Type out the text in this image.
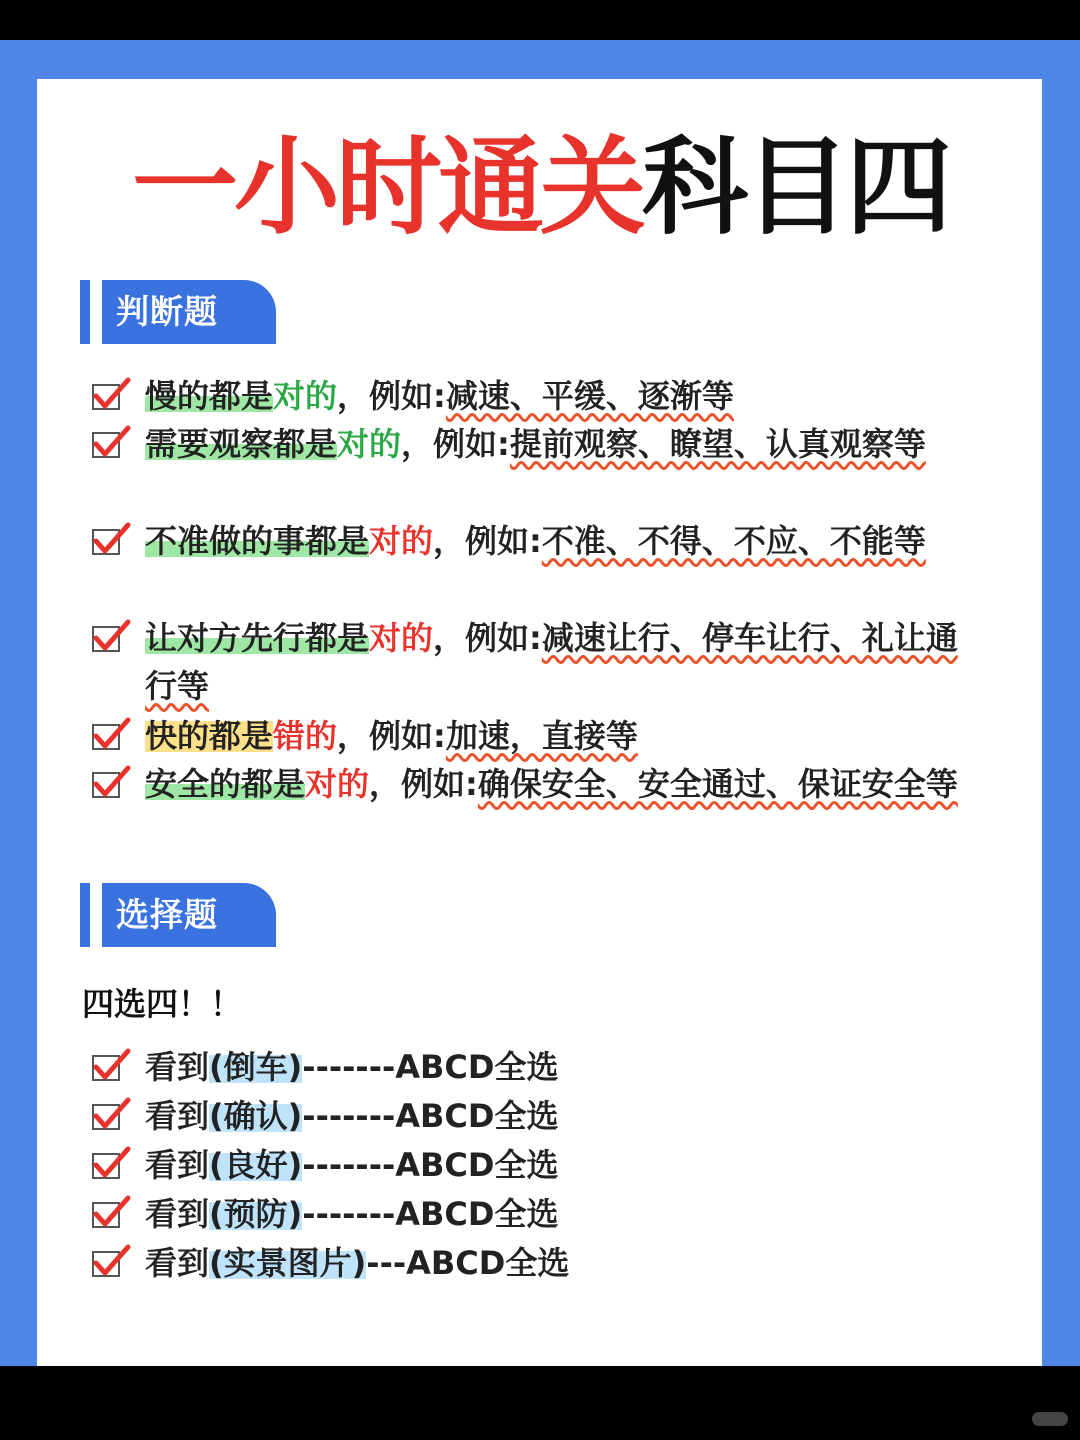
一小时通关科目四
判断题
慢的都是对的，例如:减速、平缓、逐渐等
需要观察都是对的，例如:提前观察、瞭望、认真观察等
不准做的事都是对的，例如:不准、不得、不应、不能等
让对方先行都是对的，例如:减速让行、停车让行、礼让通行等
快的都是错的，例如:加速，直接等
安全的都是对的，例如:确保安全、安全通过、保证安全等
选择题
四选四！！
看到(倒车)-------ABCD全选
看到(确认)-------ABCD全选
看到(良好)-------ABCD全选
看到(预防)-------ABCD全选
看到(实景图片)---ABCD全选
